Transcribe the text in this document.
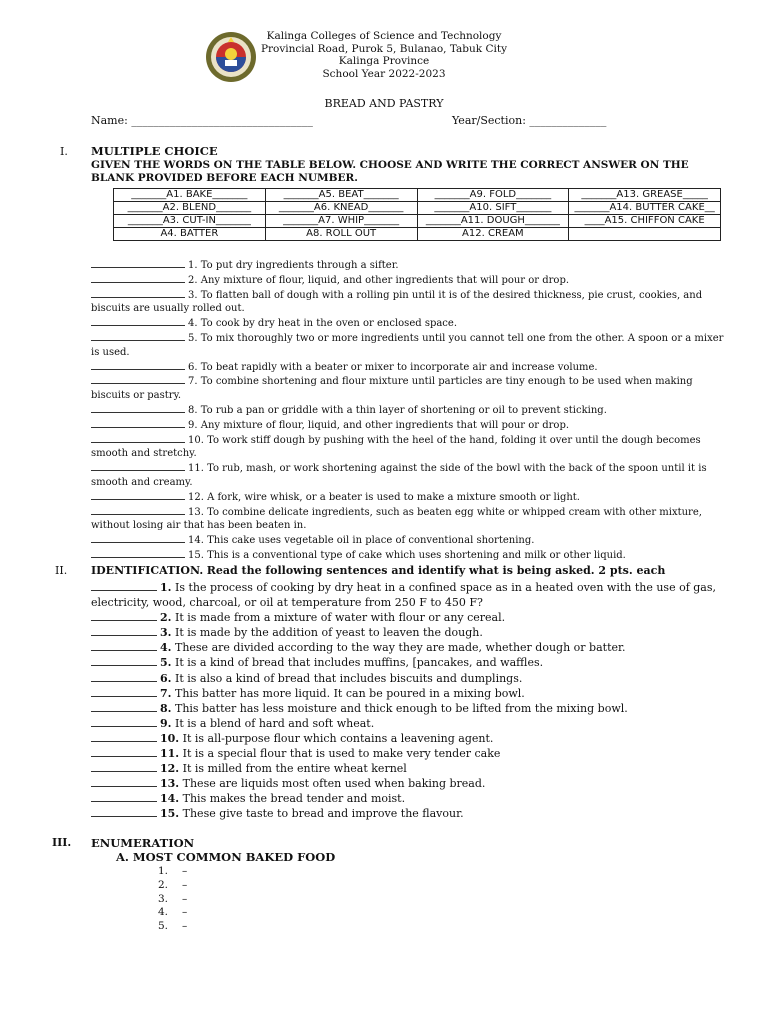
Kalinga Colleges of Science and Technology
Provincial Road, Purok 5, Bulanao, Tabuk City
Kalinga Province
School Year 2022-2023
BREAD AND PASTRY
Name: _________________________________	Year/Section: ______________
I. MULTIPLE CHOICE
GIVEN THE WORDS ON THE TABLE BELOW. CHOOSE AND WRITE THE CORRECT ANSWER ON THE BLANK PROVIDED BEFORE EACH NUMBER.
_______A1. BAKE_______	_______A5. BEAT_______	_______A9. FOLD_______	_______A13. GREASE_____
_______A2. BLEND_______	_______A6. KNEAD_______	_______A10. SIFT_______	_______A14. BUTTER CAKE__
_______A3. CUT-IN_______	_______A7. WHIP_______	_______A11. DOUGH_______	____A15. CHIFFON CAKE
A4. BATTER	A8. ROLL OUT	A12. CREAM	

1. To put dry ingredients through a sifter.

2. Any mixture of flour, liquid, and other ingredients that will pour or drop.

3. To flatten ball of dough with a rolling pin until it is of the desired thickness, pie crust, cookies, and biscuits are usually rolled out.

4. To cook by dry heat in the oven or enclosed space.

5. To mix thoroughly two or more ingredients until you cannot tell one from the other. A spoon or a mixer is used.

6. To beat rapidly with a beater or mixer to incorporate air and increase volume.

7. To combine shortening and flour mixture until particles are tiny enough to be used when making biscuits or pastry.

8. To rub a pan or griddle with a thin layer of shortening or oil to prevent sticking.

9. Any mixture of flour, liquid, and other ingredients that will pour or drop.

10. To work stiff dough by pushing with the heel of the hand, folding it over until the dough becomes smooth and stretchy.

11. To rub, mash, or work shortening against the side of the bowl with the back of the spoon until it is smooth and creamy.

12. A fork, wire whisk, or a beater is used to make a mixture smooth or light.

13. To combine delicate ingredients, such as beaten egg white or whipped cream with other mixture, without losing air that has been beaten in.

14. This cake uses vegetable oil in place of conventional shortening.

15. This is a conventional type of cake which uses shortening and milk or other liquid.

II. IDENTIFICATION. Read the following sentences and identify what is being asked. 2 pts. each

1. Is the process of cooking by dry heat in a confined space as in a heated oven with the use of gas, electricity, wood, charcoal, or oil at temperature from 250 F to 450 F?

2. It is made from a mixture of water with flour or any cereal.

3. It is made by the addition of yeast to leaven the dough.

4. These are divided according to the way they are made, whether dough or batter.

5. It is a kind of bread that includes muffins, [pancakes, and waffles.

6. It is also a kind of bread that includes biscuits and dumplings.

7. This batter has more liquid. It can be poured in a mixing bowl.

8. This batter has less moisture and thick enough to be lifted from the mixing bowl.

9. It is a blend of hard and soft wheat.

10. It is all-purpose flour which contains a leavening agent.

11. It is a special flour that is used to make very tender cake

12. It is milled from the entire wheat kernel

13. These are liquids most often used when baking bread.

14. This makes the bread tender and moist.

15. These give taste to bread and improve the flavour.

III. ENUMERATION
A. MOST COMMON BAKED FOOD

1. –

2. –

3. –

4. –

5. –
